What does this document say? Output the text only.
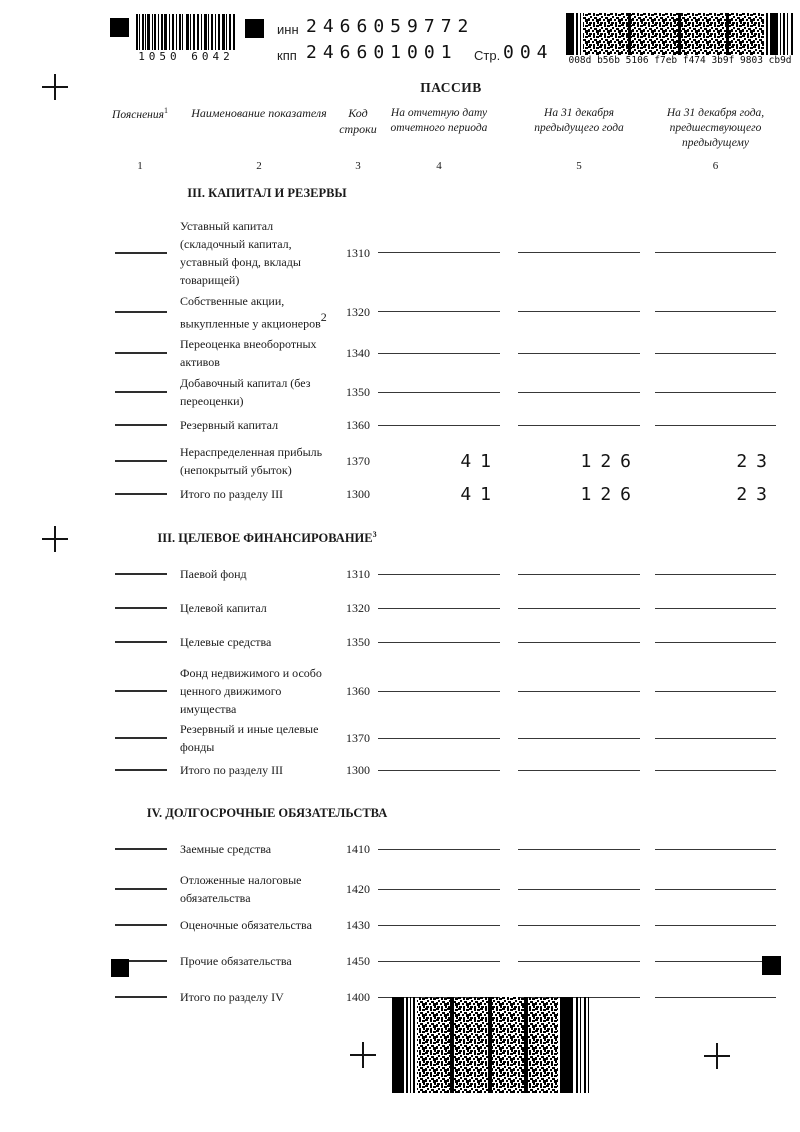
1050 6042
инн 2466059772
кпп 246601001 Стр. 004	008d b56b 5106 f7eb f474 3b9f 9803 cb9d
ПАССИВ
Пояснения$^1$	Наименование показателя	Код строки
На отчетную дату отчетного периода
На 31 декабря предыдущего года
На 31 декабря года, предшествующего предыдущему
1	2	3	4	5	6
III. КАПИТАЛ И РЕЗЕРВЫ
Уставный капитал (складочный капитал, уставный фонд, вклады товарищей)
1310
Собственные акции, выкупленные у акционеров$^2$	1320
Переоценка внеоборотных активов
1340
Добавочный капитал (без переоценки)
1350
Резервный капитал	1360
Нераспределенная прибыль (непокрытый убыток)
1370	41	126	23
Итого по разделу III	1300	41	126	23
III. ЦЕЛЕВОЕ ФИНАНСИРОВАНИЕ$^3$
Паевой фонд	1310
Целевой капитал	1320
Целевые средства	1350
Фонд недвижимого и особо ценного движимого имущества
1360
Резервный и иные целевые фонды
1370
Итого по разделу III	1300
IV. ДОЛГОСРОЧНЫЕ ОБЯЗАТЕЛЬСТВА
Заемные средства	1410
Отложенные налоговые обязательства
1420
Оценочные обязательства	1430
Прочие обязательства	1450
Итого по разделу IV	1400
